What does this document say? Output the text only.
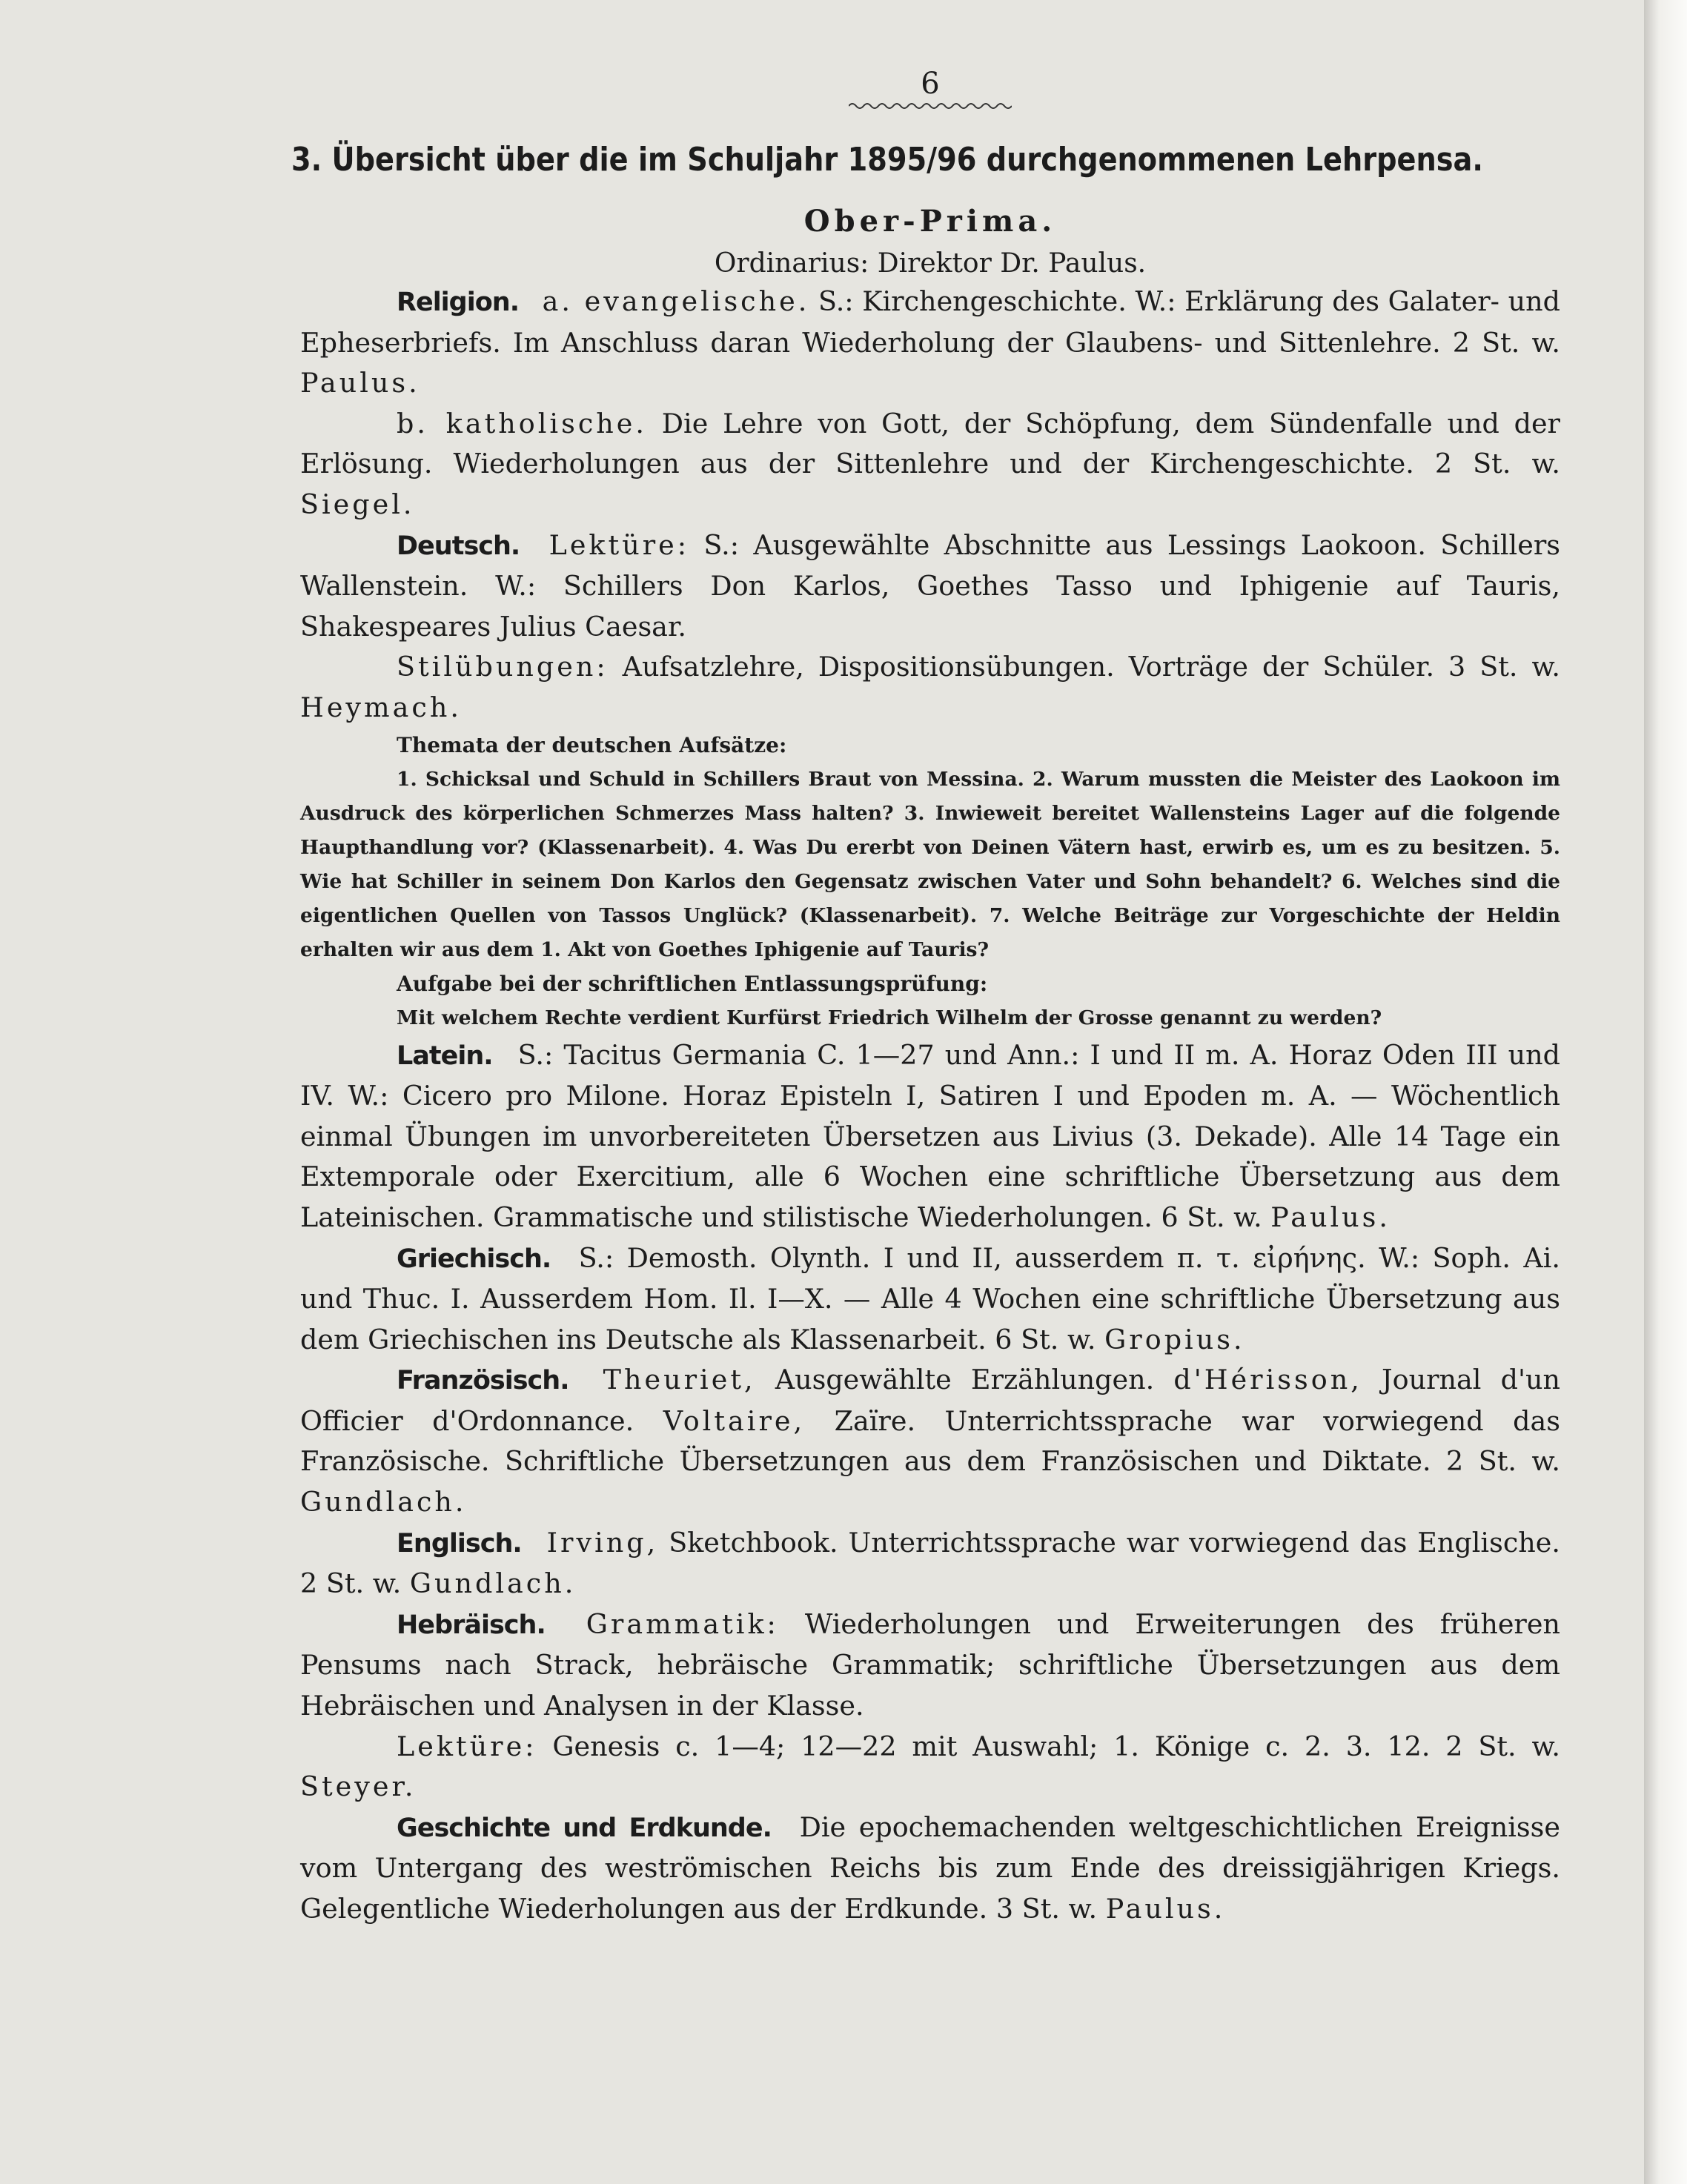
6
3. Übersicht über die im Schuljahr 1895/96 durchgenommenen Lehrpensa.
Ober-Prima.
Ordinarius: Direktor Dr. Paulus.

Religion. a. evangelische. S.: Kirchengeschichte. W.: Erklärung des Galater- und Epheserbriefs. Im Anschluss daran Wiederholung der Glaubens- und Sittenlehre. 2 St. w. Paulus.

b. katholische. Die Lehre von Gott, der Schöpfung, dem Sündenfalle und der Erlösung. Wiederholungen aus der Sittenlehre und der Kirchengeschichte. 2 St. w. Siegel.

Deutsch. Lektüre: S.: Ausgewählte Abschnitte aus Lessings Laokoon. Schillers Wallenstein. W.: Schillers Don Karlos, Goethes Tasso und Iphigenie auf Tauris, Shakespeares Julius Caesar.

Stilübungen: Aufsatzlehre, Dispositionsübungen. Vorträge der Schüler. 3 St. w. Heymach.

Themata der deutschen Aufsätze:

1. Schicksal und Schuld in Schillers Braut von Messina. 2. Warum mussten die Meister des Laokoon im Ausdruck des körperlichen Schmerzes Mass halten? 3. Inwieweit bereitet Wallensteins Lager auf die folgende Haupthandlung vor? (Klassenarbeit). 4. Was Du ererbt von Deinen Vätern hast, erwirb es, um es zu besitzen. 5. Wie hat Schiller in seinem Don Karlos den Gegensatz zwischen Vater und Sohn behandelt? 6. Welches sind die eigentlichen Quellen von Tassos Unglück? (Klassenarbeit). 7. Welche Beiträge zur Vorgeschichte der Heldin erhalten wir aus dem 1. Akt von Goethes Iphigenie auf Tauris?

Aufgabe bei der schriftlichen Entlassungsprüfung:

Mit welchem Rechte verdient Kurfürst Friedrich Wilhelm der Grosse genannt zu werden?

Latein. S.: Tacitus Germania C. 1—27 und Ann.: I und II m. A. Horaz Oden III und IV. W.: Cicero pro Milone. Horaz Episteln I, Satiren I und Epoden m. A. — Wöchentlich einmal Übungen im unvorbereiteten Übersetzen aus Livius (3. Dekade). Alle 14 Tage ein Extemporale oder Exercitium, alle 6 Wochen eine schriftliche Übersetzung aus dem Lateinischen. Grammatische und stilistische Wiederholungen. 6 St. w. Paulus.

Griechisch. S.: Demosth. Olynth. I und II, ausserdem π. τ. εἰρήνης. W.: Soph. Ai. und Thuc. I. Ausserdem Hom. Il. I—X. — Alle 4 Wochen eine schriftliche Übersetzung aus dem Griechischen ins Deutsche als Klassenarbeit. 6 St. w. Gropius.

Französisch. Theuriet, Ausgewählte Erzählungen. d'Hérisson, Journal d'un Officier d'Ordonnance. Voltaire, Zaïre. Unterrichtssprache war vorwiegend das Französische. Schriftliche Übersetzungen aus dem Französischen und Diktate. 2 St. w. Gundlach.

Englisch. Irving, Sketchbook. Unterrichtssprache war vorwiegend das Englische. 2 St. w. Gundlach.

Hebräisch. Grammatik: Wiederholungen und Erweiterungen des früheren Pensums nach Strack, hebräische Grammatik; schriftliche Übersetzungen aus dem Hebräischen und Analysen in der Klasse.

Lektüre: Genesis c. 1—4; 12—22 mit Auswahl; 1. Könige c. 2. 3. 12. 2 St. w. Steyer.

Geschichte und Erdkunde. Die epochemachenden weltgeschichtlichen Ereignisse vom Untergang des weströmischen Reichs bis zum Ende des dreissigjährigen Kriegs. Gelegentliche Wiederholungen aus der Erdkunde. 3 St. w. Paulus.
